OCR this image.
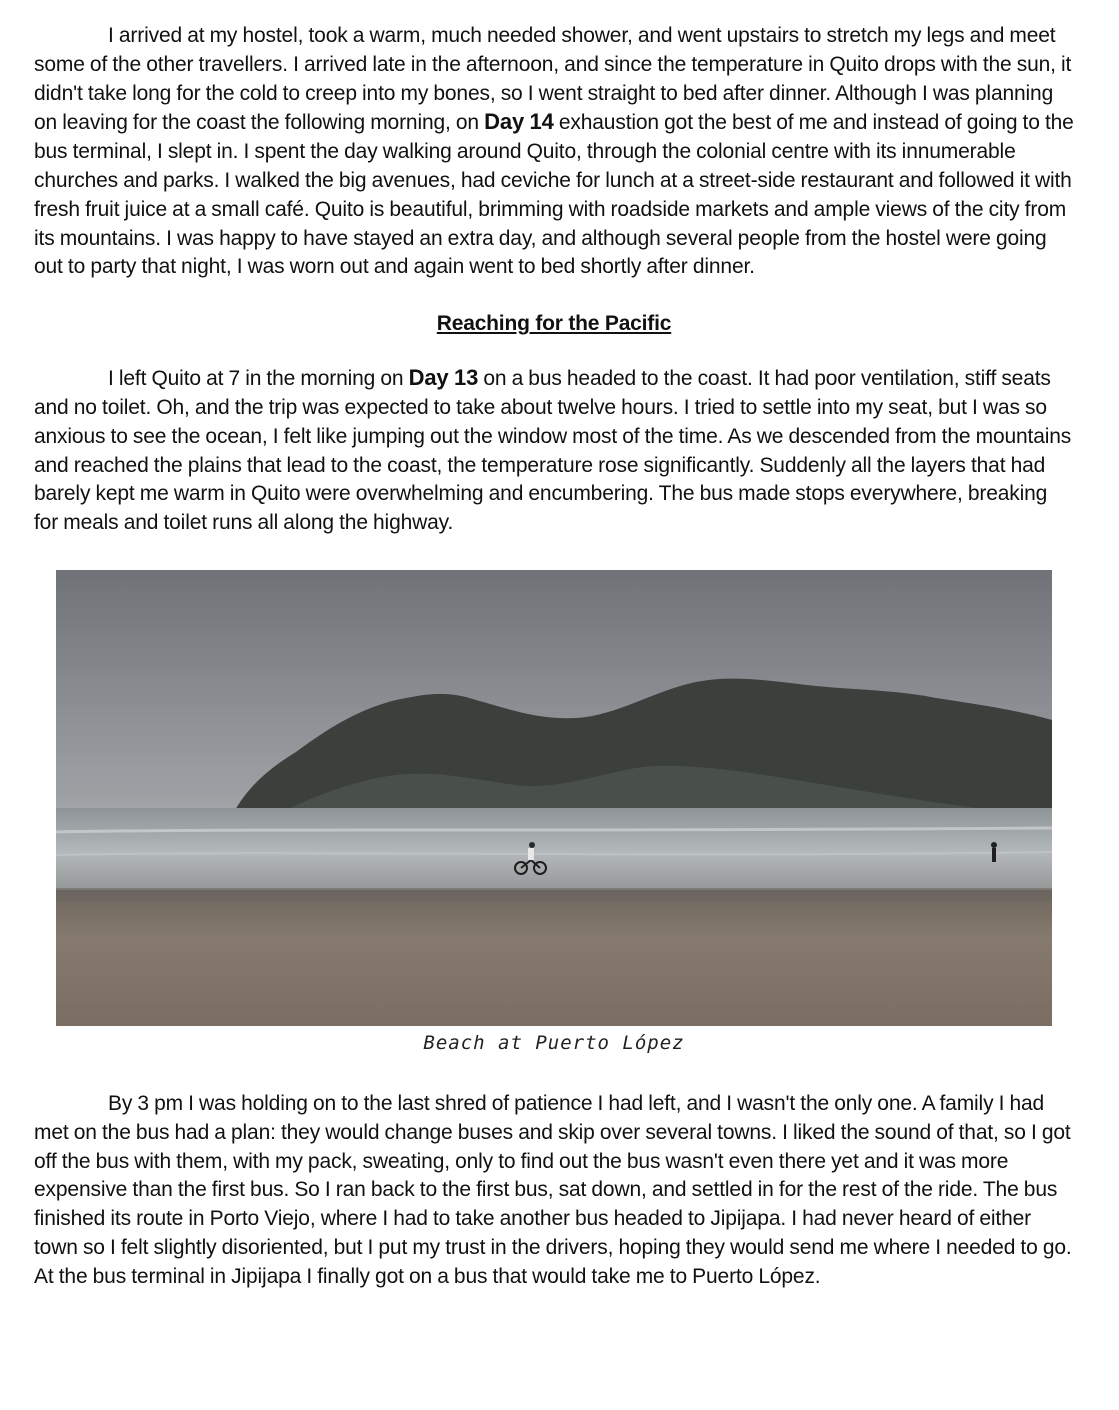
I arrived at my hostel, took a warm, much needed shower, and went upstairs to stretch my legs and meet some of the other travellers. I arrived late in the afternoon, and since the temperature in Quito drops with the sun, it didn't take long for the cold to creep into my bones, so I went straight to bed after dinner. Although I was planning on leaving for the coast the following morning, on Day 14 exhaustion got the best of me and instead of going to the bus terminal, I slept in. I spent the day walking around Quito, through the colonial centre with its innumerable churches and parks. I walked the big avenues, had ceviche for lunch at a street-side restaurant and followed it with fresh fruit juice at a small café. Quito is beautiful, brimming with roadside markets and ample views of the city from its mountains. I was happy to have stayed an extra day, and although several people from the hostel were going out to party that night, I was worn out and again went to bed shortly after dinner.

Reaching for the Pacific

I left Quito at 7 in the morning on Day 13 on a bus headed to the coast. It had poor ventilation, stiff seats and no toilet. Oh, and the trip was expected to take about twelve hours. I tried to settle into my seat, but I was so anxious to see the ocean, I felt like jumping out the window most of the time. As we descended from the mountains and reached the plains that lead to the coast, the temperature rose significantly. Suddenly all the layers that had barely kept me warm in Quito were overwhelming and encumbering. The bus made stops everywhere, breaking for meals and toilet runs all along the highway.

Beach at Puerto López

By 3 pm I was holding on to the last shred of patience I had left, and I wasn't the only one. A family I had met on the bus had a plan: they would change buses and skip over several towns. I liked the sound of that, so I got off the bus with them, with my pack, sweating, only to find out the bus wasn't even there yet and it was more expensive than the first bus. So I ran back to the first bus, sat down, and settled in for the rest of the ride. The bus finished its route in Porto Viejo, where I had to take another bus headed to Jipijapa. I had never heard of either town so I felt slightly disoriented, but I put my trust in the drivers, hoping they would send me where I needed to go. At the bus terminal in Jipijapa I finally got on a bus that would take me to Puerto López.
